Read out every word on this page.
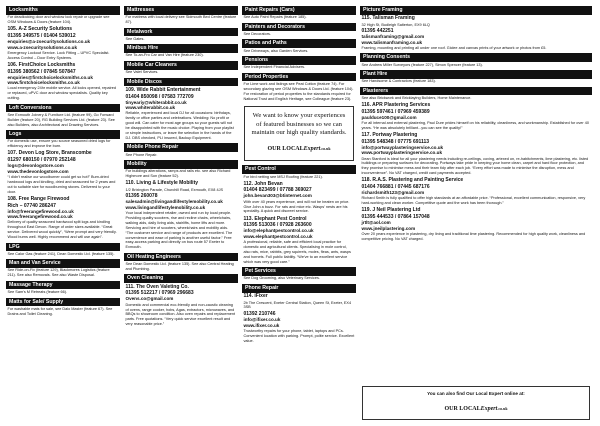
Locksmiths

For deadlocking door and window lock repair or upgrade see OSM Windows & Doors (feature 104).

105. A-Z Security Solutions

01395 349575 / 01404 539012

enquiries@a-zsecuritysolutions.co.uk

www.a-zsecuritysolutions.co.uk

Emergency Lockout Service. Lock Fitting – UPVC Specialist. Access Control – Door Entry Systems.

106. FirstChoice Locksmiths

01395 380562 / 07845 507847

enquiries@firstchoicelocksmiths.co.uk

www.firstchoicelocksmiths.co.uk

Local emergency 24hr mobile service. All locks opened, repaired or replaced, uPVC door and window specialists. Quality key cutting.

Loft Conversions

See Exmouth Joinery & Furniture Ltd. (feature 99), Go Forward Builder (feature 20), RG Building Services Ltd. (feature 23). See also Builders, also Architectural and Drawing Services.

Logs

For domestic use, ensure you source seasoned dried logs for efficiency and improve the burn.

107. Devon Log Store, Branscombe

01297 680150 / 07970 252148

logs@devonlogstore.com

www.thedevonlogstore.com

“I didn't realise our woodburner could get so hot!” Burn-dried hardwood logs and kindling, dried and seasoned for 2 years and cut to suitable size for woodburning stoves. Delivered to your door.

108. Free Range Firewood

Rich – 07740 286247

info@freerangefirewood.co.uk

www.freerangefirewood.co.uk

Delivery of quality seasoned hardwood split logs and kindling throughout East Devon. Range of order sizes available. “Great service. Delivered wood quickly”, “Were prompt and very friendly. Wood burns well. Highly recommend and will use again”.

LPG

See Calor Gas (feature 241), Dean Domestic Ltd. (feature 135).

Man and Van Service

See Ride-on-Fix (feature 129), Blackmores Logistics (feature 211). See also Removals. See also Waste Disposal.

Massage Therapy

See Sam's M Retreats (feature 66).

Matts for Sale/ Supply

For washable mats for sale, see Dalo Master (feature 67). See Drains and Toilet Cleaning.

Mattresses

For mattress with local delivery see Sidmouth Bed Centre (feature 87).

Metalwork

See Gates.

Minibus Hire

See To-an-Fro Car and Van Hire (feature 230).

Mobile Car Cleaners

See Valet Services.

Mobile Discos

109. Wide Rabbit Entertainment

01404 850098 / 07583 772709

tinyeariy@whiterabbit.co.uk

www.whiterabbit.co.uk

Reliable, experienced and local DJ for all occasions: birthdays, family or office parties and celebrations. Wedding: No profit or good will. Can cater for most age groups so your guests will not be disappointed with the music choice. Playing from your playlist or simple instructions, or leave the selection in the hands of the DJ. DBS checked, PLI insured, Backup Equipment.

Mobile Phone Repair

See Phone Repair.

Mobility

For buildings alterations, ramps and rails etc. see also Richard Highmore and Son (feature 52).

110. Living & Lifestyle Mobility

1/2 Brixington Parade, Churchill Road, Exmouth, EX8 4JS

01395 260078

salesadmin@livingandlifestylemobility.co.uk

www.livingandlifestylemobility.co.uk

Your local independent retailer, owned and run by local people. Providing quality scooters, rise and recline chairs, wheelchairs, walking aids, daily living aids, stairlifts, home lifts and more. Servicing and hire of scooters, wheelchairs and mobility aids. “The customer service and range of products are excellent. The convenience and ease of parking is another useful factor.” Free easy-access parking and directly on bus route 57 Exeter to Exmouth.

Oil Heating Engineers

See Dean Domestic Ltd. (feature 135). See also Central Heating and Plumbing.

Oven Cleaning

111. The Oven Valeting Co.

01395 512217 / 07969 296683

Ovens.co@gmail.com

Domestic and commercial eco-friendly and non-caustic cleaning of ovens, range cooker, hobs, Agas, extractors, microwaves, and BBQs to showroom condition. Also oven repairs and replacement parts. Free quotations. “Very quick service excellent result and very reasonable price.”

Paint Repairs (Cars)

See Auto Paint Repairs (feature 185).

Painters and Decorators

See Decorators.

Patios and Paths

See Driveways, also Garden Services.

Pensions

See Independent Financial Advisers.

Period Properties

For Lime work and listings see Peat Cotton (feature 74). For secondary glazing see OSM Windows & Doors Ltd. (feature 104). For restoration of period properties to the standards required for National Trust and English Heritage, see Colleague (feature 23).

We want to know your experiences of featured businesses so we can maintain our high quality standards.

OUR LOCALExpert$^{.co.uk}$
Pest Control

For bird netting see MSJ Roofing (feature 221).

112. John Bevan

01404 823499 / 07788 369027

john.bevan303@btinternet.com

With over 40 years experience, and will not be beaten on price. Give John a buzz. For rats and mice etc. Wasps’ nests are his speciality. A quick and discreet service.

113. Elephant Pest Control

01395 513036 / 07928 263600

info@elephantpestcontrol.co.uk

www.elephantpestcontrol.co.uk

A professional, reliable, safe and efficient local practice for domestic and agricultural clients. Specialising in mole control, also rats, mice, rabbits, grey squirrels, moles, fleas, ants, wasps and hornets. Full public liability. “We've to an excellent service which was very good care.”

Pet Services

See Dog Grooming, also Veterinary Services.

Phone Repair

114. iFixer

2b The Crescent, Exeter Central Station, Queen St, Exeter, EX4 3SB

01392 210746

info@ifixer.co.uk

www.ifixer.co.uk

Trustworthy repairs for your phone, tablet, laptops and PCs. Convenient location with parking. Prompt, polite service. Excellent value.

Picture Framing

115. Talisman Framing

32 High St, Budleigh Salterton, EX9 6LQ

01395 442251

talismanframing@gmail.com

www.talismanframing.co.uk

Framing, mounting and printing all under one roof. Giclee and canvas prints of your artwork or photos from £5.

Planning Consents

See Andrew Miller Surveyors (feature 227), Simon Spencer (feature 13).

Plant Hire

See Handsome & Contractors (feature 183).

Plasterers

See also Brickwork and Bricklaying Builders, Home Maintenance.

116. APR Plastering Services

01395 597461 / 07969 459389

paulduce100@gmail.com

For all internal and external plastering, Paul Dure prides himself on his reliability, cleanliness, and workmanship. Established for over 40 years. “He was absolutely brilliant...you can see the quality!”

117. Portway Plastering

01395 548348 / 07775 691113

info@portwayplasteringservice.co.uk

www.portwayplasteringservice.co.uk

Dean Stanford is ideal for all your plastering needs including re-ceilings, coving, artexed on, re-habitchments, lime plastering, etc. listed buildings or preparing surfaces for decorating. Portways take pride in keeping your home clean, carpet and hard floor protection, and they promise to minimise mess and their team tidy after each job. “Every effort was made to minimise the disruption, mess and inconvenience”. No VAT charged, credit card payments accepted.

118. R.A.S. Plastering and Painting Service

01404 766881 / 07445 687176

richardsmith123@gmail.com

Richard Smith is fully qualified to offer high standards at an affordable price. “Professional, excellent communication, responsive, very hard-working and clean worker. Competitive quote and the work has been thorough.”

119. J Neil Plastering Ltd

01395 444533 / 07864 157048

jrtlt@aol.com

www.jneilplastering.com

Over 20 years experience in plastering, dry lining and traditional lime plastering. Recommended for high quality work, cleanliness and competitive pricing. No VAT charged.

You can also find Our Local Expert online at:

OUR LOCALExpert$^{.co.uk}$
